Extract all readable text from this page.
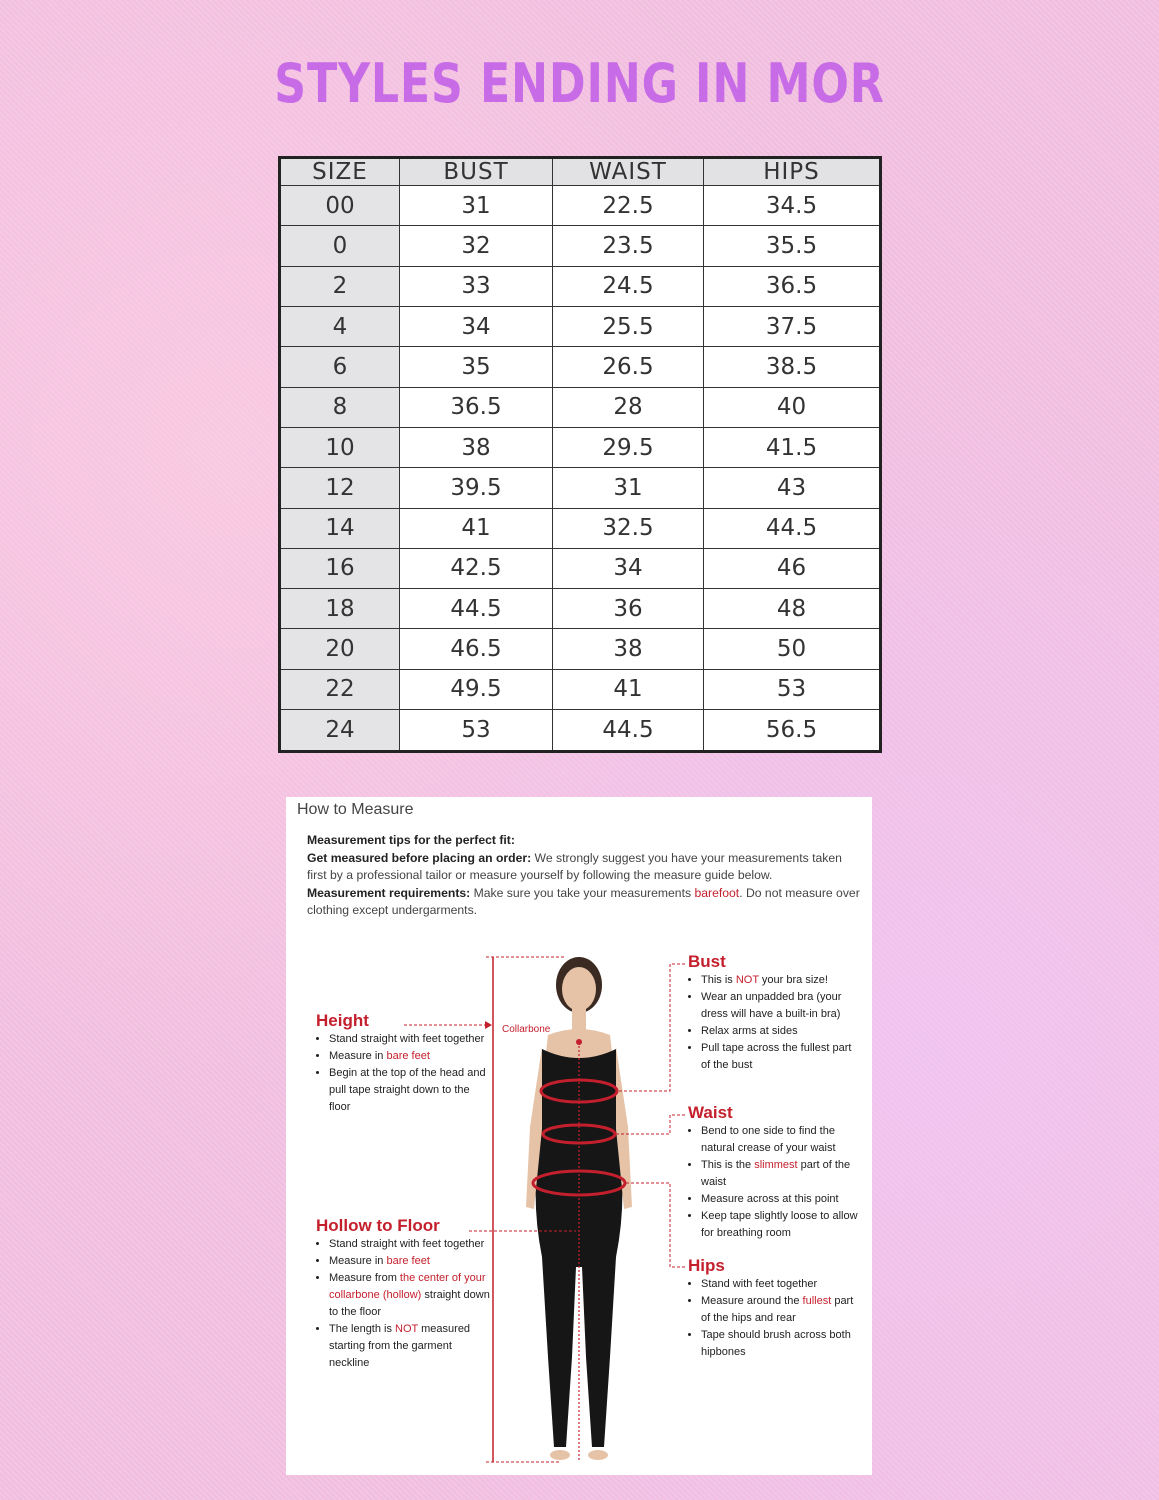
STYLES ENDING IN MOR
SIZE	BUST	WAIST	HIPS
00	31	22.5	34.5
0	32	23.5	35.5
2	33	24.5	36.5
4	34	25.5	37.5
6	35	26.5	38.5
8	36.5	28	40
10	38	29.5	41.5
12	39.5	31	43
14	41	32.5	44.5
16	42.5	34	46
18	44.5	36	48
20	46.5	38	50
22	49.5	41	53
24	53	44.5	56.5
How to Measure
Measurement tips for the perfect fit:
Get measured before placing an order: We strongly suggest you have your measurements taken first by a professional tailor or measure yourself by following the measure guide below.
Measurement requirements: Make sure you take your measurements barefoot. Do not measure over clothing except undergarments.
Collarbone
Height
• Stand straight with feet together
• Measure in bare feet
• Begin at the top of the head and pull tape straight down to the floor
Hollow to Floor
• Stand straight with feet together
• Measure in bare feet
• Measure from the center of your collarbone (hollow) straight down to the floor
• The length is NOT measured starting from the garment neckline
Bust
• This is NOT your bra size!
• Wear an unpadded bra (your dress will have a built-in bra)
• Relax arms at sides
• Pull tape across the fullest part of the bust
Waist
• Bend to one side to find the natural crease of your waist
• This is the slimmest part of the waist
• Measure across at this point
• Keep tape slightly loose to allow for breathing room
Hips
• Stand with feet together
• Measure around the fullest part of the hips and rear
• Tape should brush across both hipbones
